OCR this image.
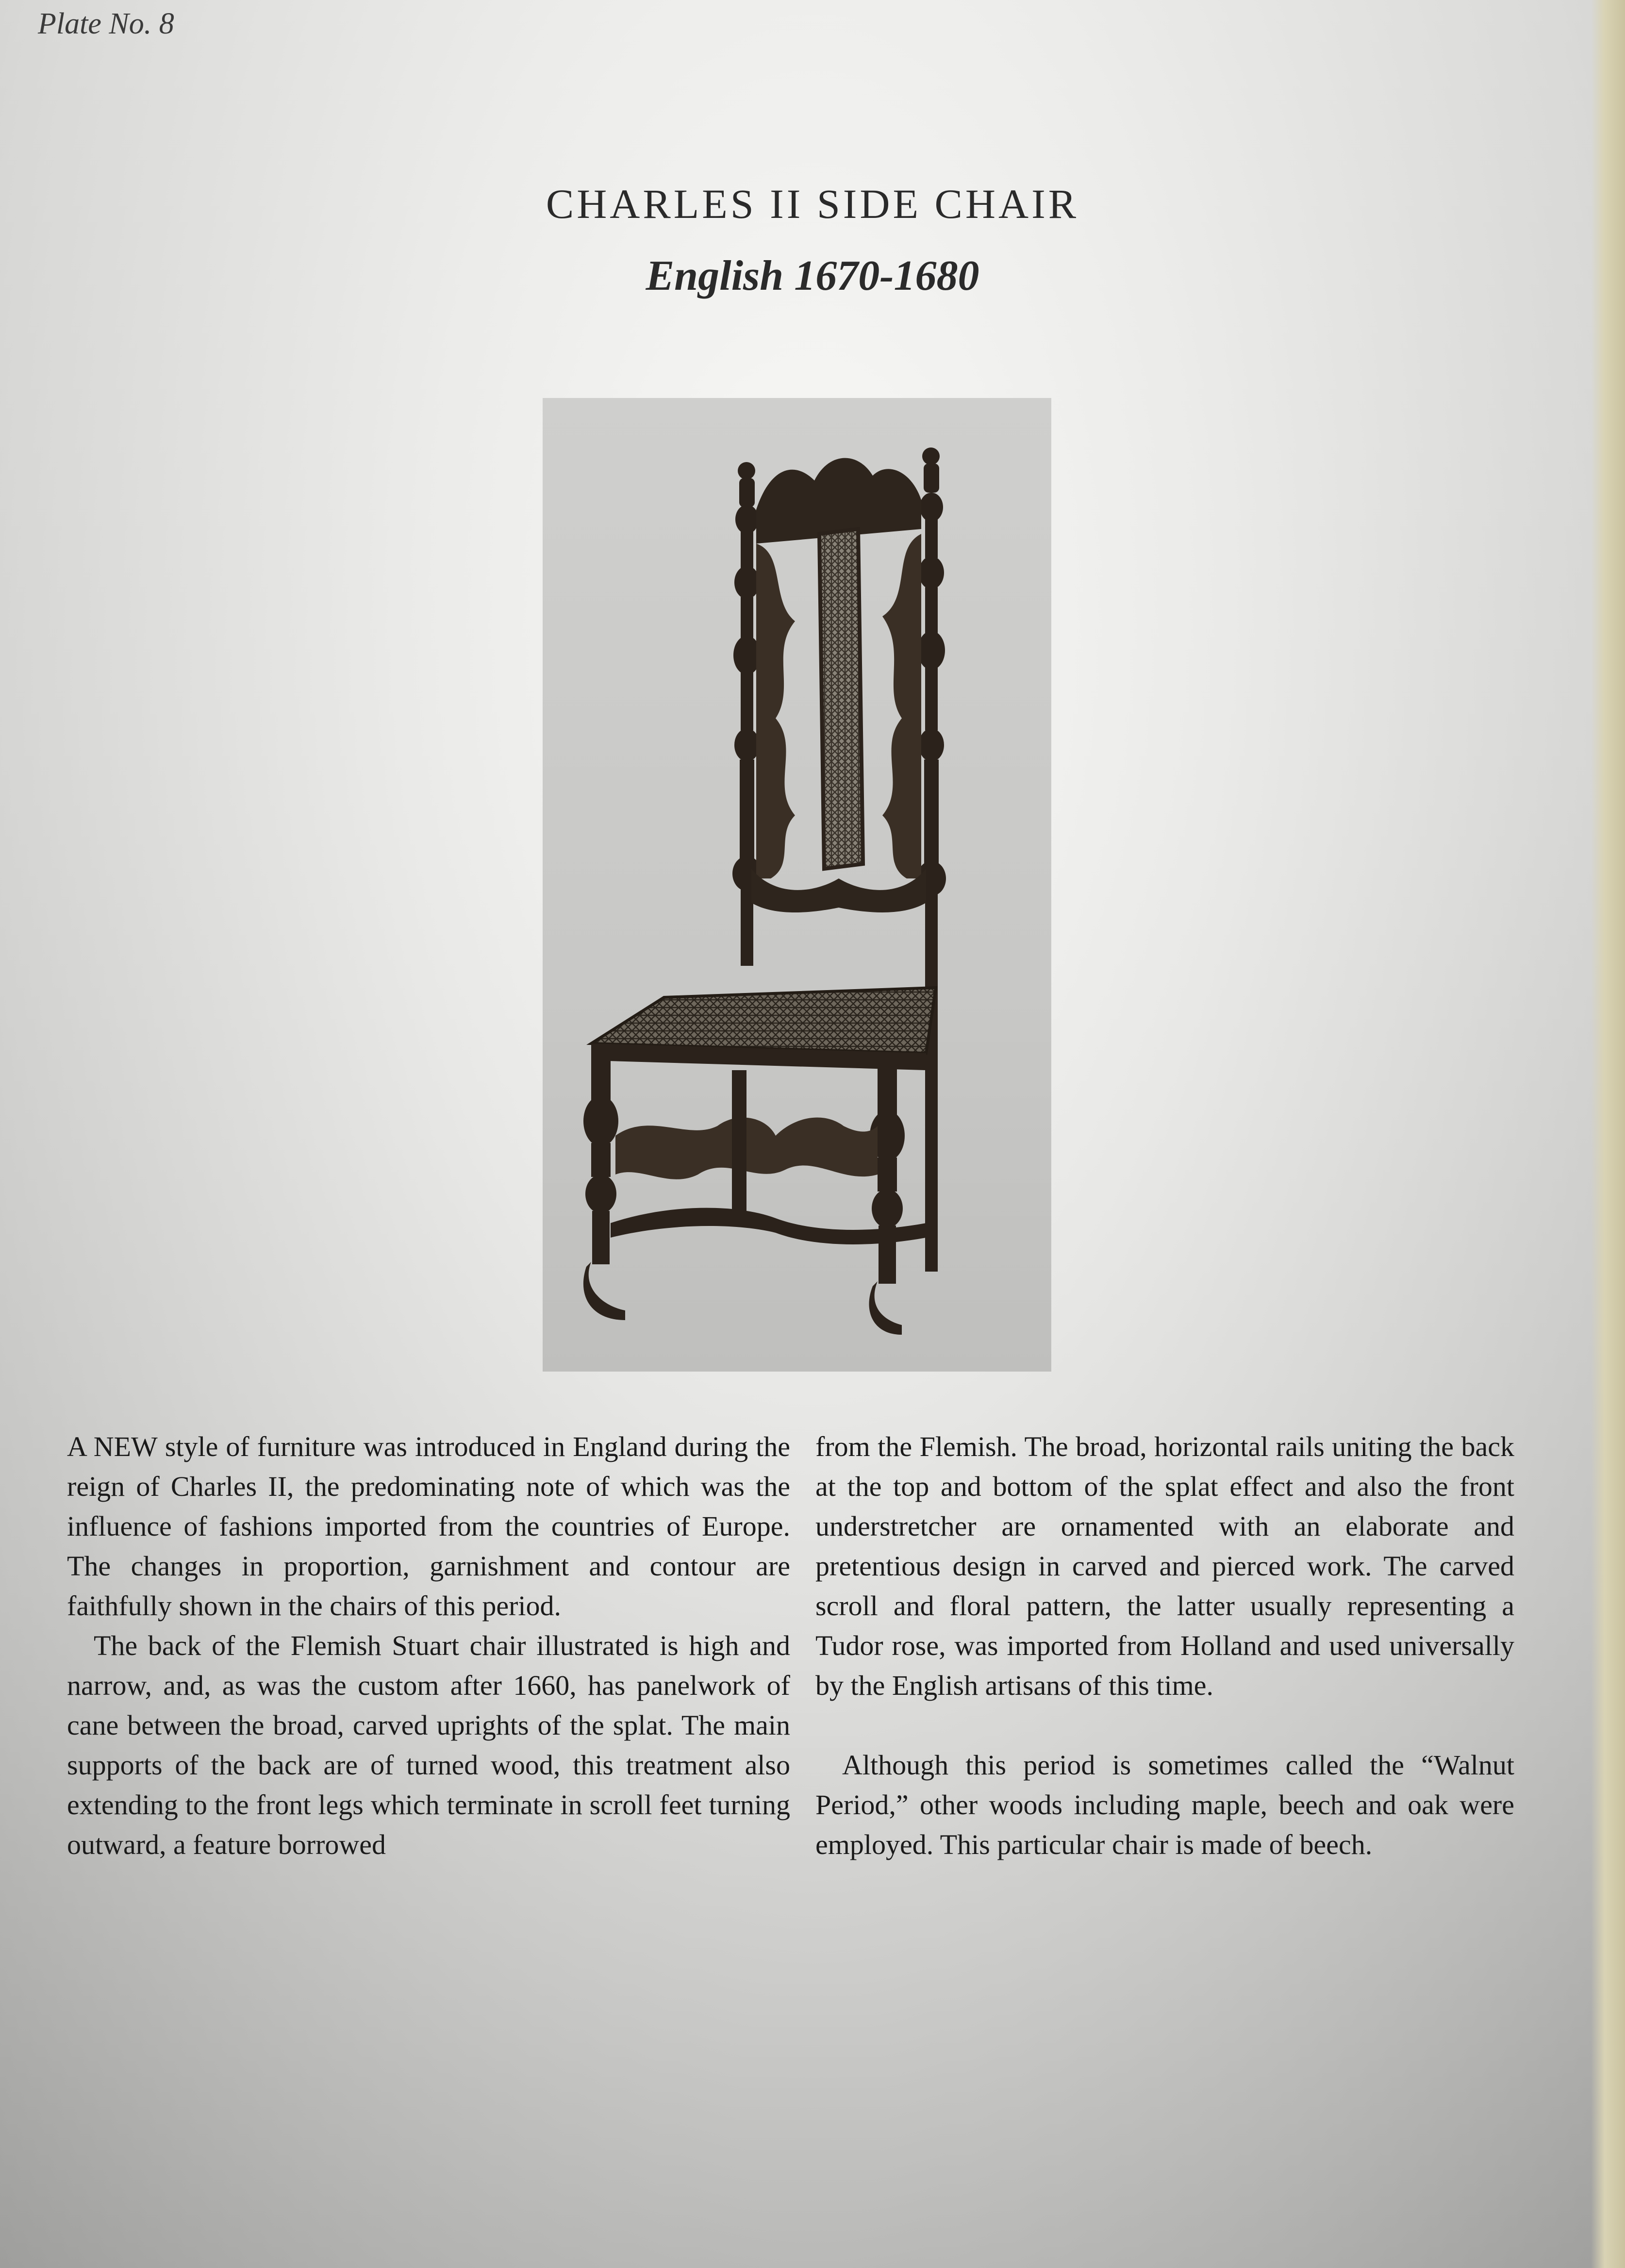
Plate No. 8

CHARLES II SIDE CHAIR
English 1670-1680

A NEW style of furniture was introduced in England during the reign of Charles II, the predominating note of which was the influence of fashions imported from the countries of Europe. The changes in proportion, garnishment and contour are faithfully shown in the chairs of this period.

The back of the Flemish Stuart chair illustrated is high and narrow, and, as was the custom after 1660, has panelwork of cane between the broad, carved uprights of the splat. The main supports of the back are of turned wood, this treatment also extending to the front legs which terminate in scroll feet turning outward, a feature borrowed

from the Flemish. The broad, horizontal rails uniting the back at the top and bottom of the splat effect and also the front understretcher are ornamented with an elaborate and pretentious design in carved and pierced work. The carved scroll and floral pattern, the latter usually representing a Tudor rose, was imported from Holland and used universally by the English artisans of this time.

Although this period is sometimes called the “Walnut Period,” other woods including maple, beech and oak were employed. This particular chair is made of beech.
